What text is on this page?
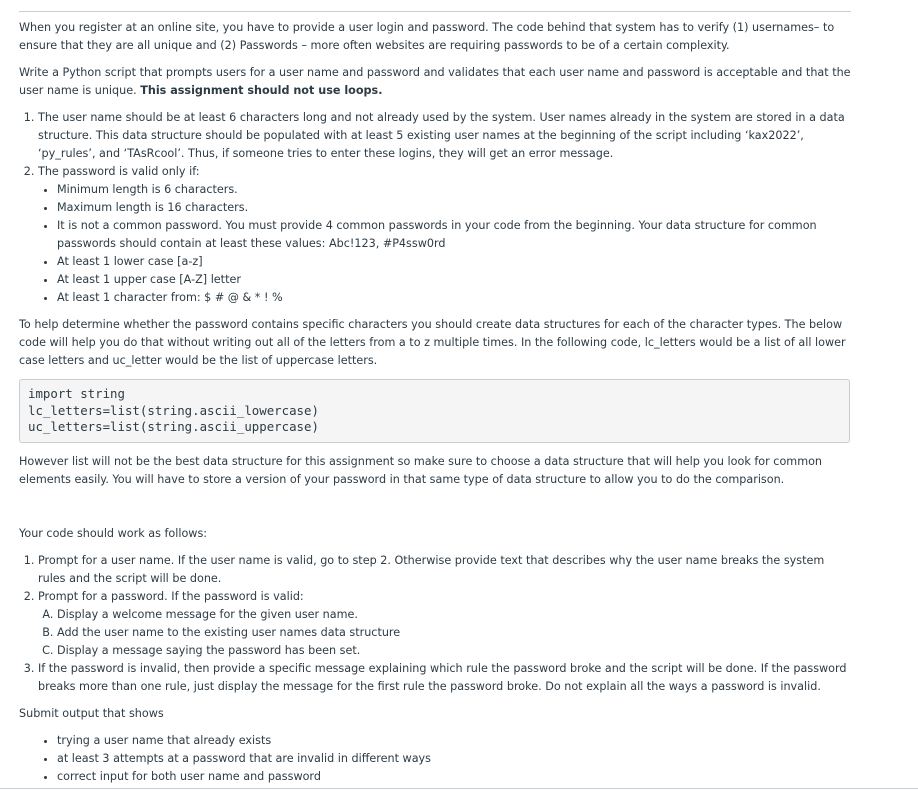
When you register at an online site, you have to provide a user login and password. The code behind that system has to verify (1) usernames– to ensure that they are all unique and (2) Passwords – more often websites are requiring passwords to be of a certain complexity.

Write a Python script that prompts users for a user name and password and validates that each user name and password is acceptable and that the user name is unique. This assignment should not use loops.

1. The user name should be at least 6 characters long and not already used by the system. User names already in the system are stored in a data structure. This data structure should be populated with at least 5 existing user names at the beginning of the script including ‘kax2022’, ‘py_rules’, and ‘TAsRcool’. Thus, if someone tries to enter these logins, they will get an error message.
2. The password is valid only if:
• Minimum length is 6 characters.
• Maximum length is 16 characters.
• It is not a common password. You must provide 4 common passwords in your code from the beginning. Your data structure for common passwords should contain at least these values: Abc!123, #P4ssw0rd
• At least 1 lower case [a-z]
• At least 1 upper case [A-Z] letter
• At least 1 character from: $ # @ & * ! %

To help determine whether the password contains specific characters you should create data structures for each of the character types. The below code will help you do that without writing out all of the letters from a to z multiple times. In the following code, lc_letters would be a list of all lower case letters and uc_letter would be the list of uppercase letters.

import string
lc_letters=list(string.ascii_lowercase)
uc_letters=list(string.ascii_uppercase)

However list will not be the best data structure for this assignment so make sure to choose a data structure that will help you look for common elements easily. You will have to store a version of your password in that same type of data structure to allow you to do the comparison.

Your code should work as follows:

1. Prompt for a user name. If the user name is valid, go to step 2. Otherwise provide text that describes why the user name breaks the system rules and the script will be done.
2. Prompt for a password. If the password is valid:
A. Display a welcome message for the given user name.
B. Add the user name to the existing user names data structure
C. Display a message saying the password has been set.
3. If the password is invalid, then provide a specific message explaining which rule the password broke and the script will be done. If the password breaks more than one rule, just display the message for the first rule the password broke. Do not explain all the ways a password is invalid.

Submit output that shows

• trying a user name that already exists
• at least 3 attempts at a password that are invalid in different ways
• correct input for both user name and password
